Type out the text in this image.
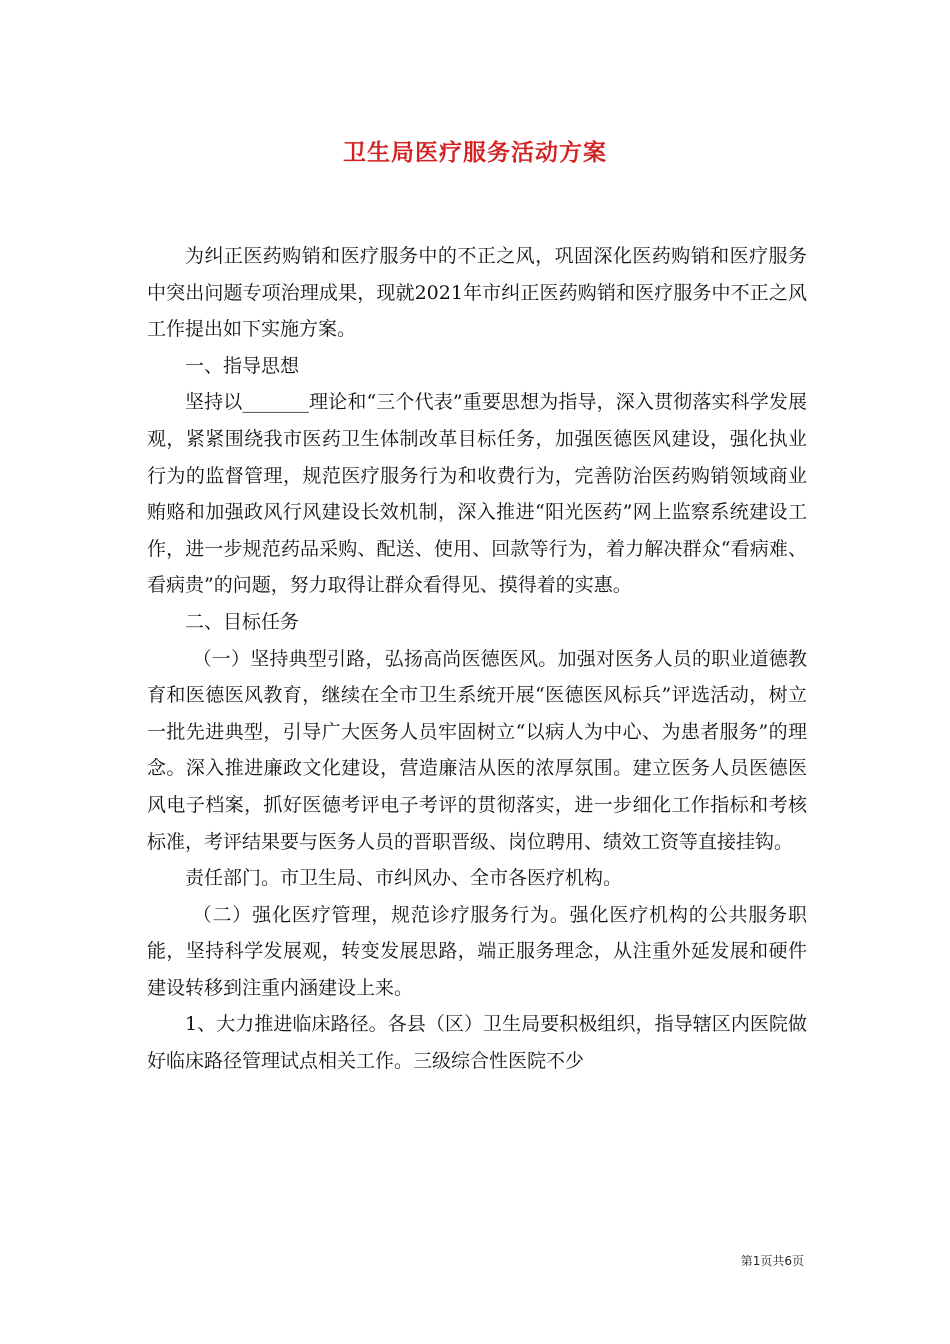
卫生局医疗服务活动方案

为纠正医药购销和医疗服务中的不正之风，巩固深化医药购销和医疗服务中突出问题专项治理成果，现就2021年市纠正医药购销和医疗服务中不正之风工作提出如下实施方案。

一、指导思想

坚持以_______理论和“三个代表”重要思想为指导，深入贯彻落实科学发展观，紧紧围绕我市医药卫生体制改革目标任务，加强医德医风建设，强化执业行为的监督管理，规范医疗服务行为和收费行为，完善防治医药购销领域商业贿赂和加强政风行风建设长效机制，深入推进“阳光医药”网上监察系统建设工作，进一步规范药品采购、配送、使用、回款等行为，着力解决群众“看病难、看病贵”的问题，努力取得让群众看得见、摸得着的实惠。

二、目标任务

（一）坚持典型引路，弘扬高尚医德医风。加强对医务人员的职业道德教育和医德医风教育，继续在全市卫生系统开展“医德医风标兵”评选活动，树立一批先进典型，引导广大医务人员牢固树立“以病人为中心、为患者服务”的理念。深入推进廉政文化建设，营造廉洁从医的浓厚氛围。建立医务人员医德医风电子档案，抓好医德考评电子考评的贯彻落实，进一步细化工作指标和考核标准，考评结果要与医务人员的晋职晋级、岗位聘用、绩效工资等直接挂钩。

责任部门。市卫生局、市纠风办、全市各医疗机构。

（二）强化医疗管理，规范诊疗服务行为。强化医疗机构的公共服务职能，坚持科学发展观，转变发展思路，端正服务理念，从注重外延发展和硬件建设转移到注重内涵建设上来。

1、大力推进临床路径。各县（区）卫生局要积极组织，指导辖区内医院做好临床路径管理试点相关工作。三级综合性医院不少

第1页共6页
